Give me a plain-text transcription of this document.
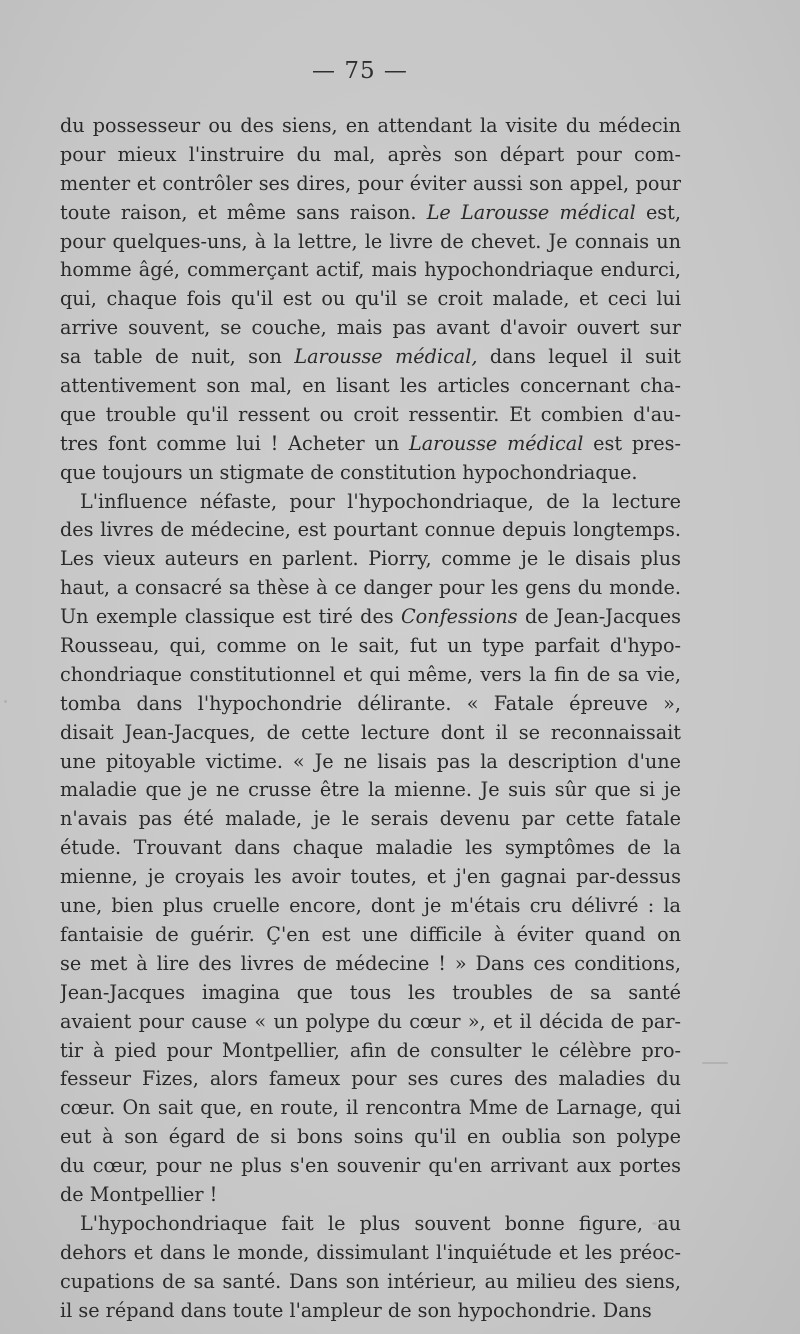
— 75 —
du possesseur ou des siens, en attendant la visite du médecin
pour mieux l'instruire du mal, après son départ pour com-
menter et contrôler ses dires, pour éviter aussi son appel, pour
toute raison, et même sans raison. Le Larousse médical est,
pour quelques-uns, à la lettre, le livre de chevet. Je connais un
homme âgé, commerçant actif, mais hypochondriaque endurci,
qui, chaque fois qu'il est ou qu'il se croit malade, et ceci lui
arrive souvent, se couche, mais pas avant d'avoir ouvert sur
sa table de nuit, son Larousse médical, dans lequel il suit
attentivement son mal, en lisant les articles concernant cha-
que trouble qu'il ressent ou croit ressentir. Et combien d'au-
tres font comme lui ! Acheter un Larousse médical est pres-
que toujours un stigmate de constitution hypochondriaque.
L'influence néfaste, pour l'hypochondriaque, de la lecture
des livres de médecine, est pourtant connue depuis longtemps.
Les vieux auteurs en parlent. Piorry, comme je le disais plus
haut, a consacré sa thèse à ce danger pour les gens du monde.
Un exemple classique est tiré des Confessions de Jean-Jacques
Rousseau, qui, comme on le sait, fut un type parfait d'hypo-
chondriaque constitutionnel et qui même, vers la fin de sa vie,
tomba dans l'hypochondrie délirante. « Fatale épreuve »,
disait Jean-Jacques, de cette lecture dont il se reconnaissait
une pitoyable victime. « Je ne lisais pas la description d'une
maladie que je ne crusse être la mienne. Je suis sûr que si je
n'avais pas été malade, je le serais devenu par cette fatale
étude. Trouvant dans chaque maladie les symptômes de la
mienne, je croyais les avoir toutes, et j'en gagnai par-dessus
une, bien plus cruelle encore, dont je m'étais cru délivré : la
fantaisie de guérir. Ç'en est une difficile à éviter quand on
se met à lire des livres de médecine ! » Dans ces conditions,
Jean-Jacques imagina que tous les troubles de sa santé
avaient pour cause « un polype du cœur », et il décida de par-
tir à pied pour Montpellier, afin de consulter le célèbre pro-
fesseur Fizes, alors fameux pour ses cures des maladies du
cœur. On sait que, en route, il rencontra Mme de Larnage, qui
eut à son égard de si bons soins qu'il en oublia son polype
du cœur, pour ne plus s'en souvenir qu'en arrivant aux portes
de Montpellier !
L'hypochondriaque fait le plus souvent bonne figure, au
dehors et dans le monde, dissimulant l'inquiétude et les préoc-
cupations de sa santé. Dans son intérieur, au milieu des siens,
il se répand dans toute l'ampleur de son hypochondrie. Dans
